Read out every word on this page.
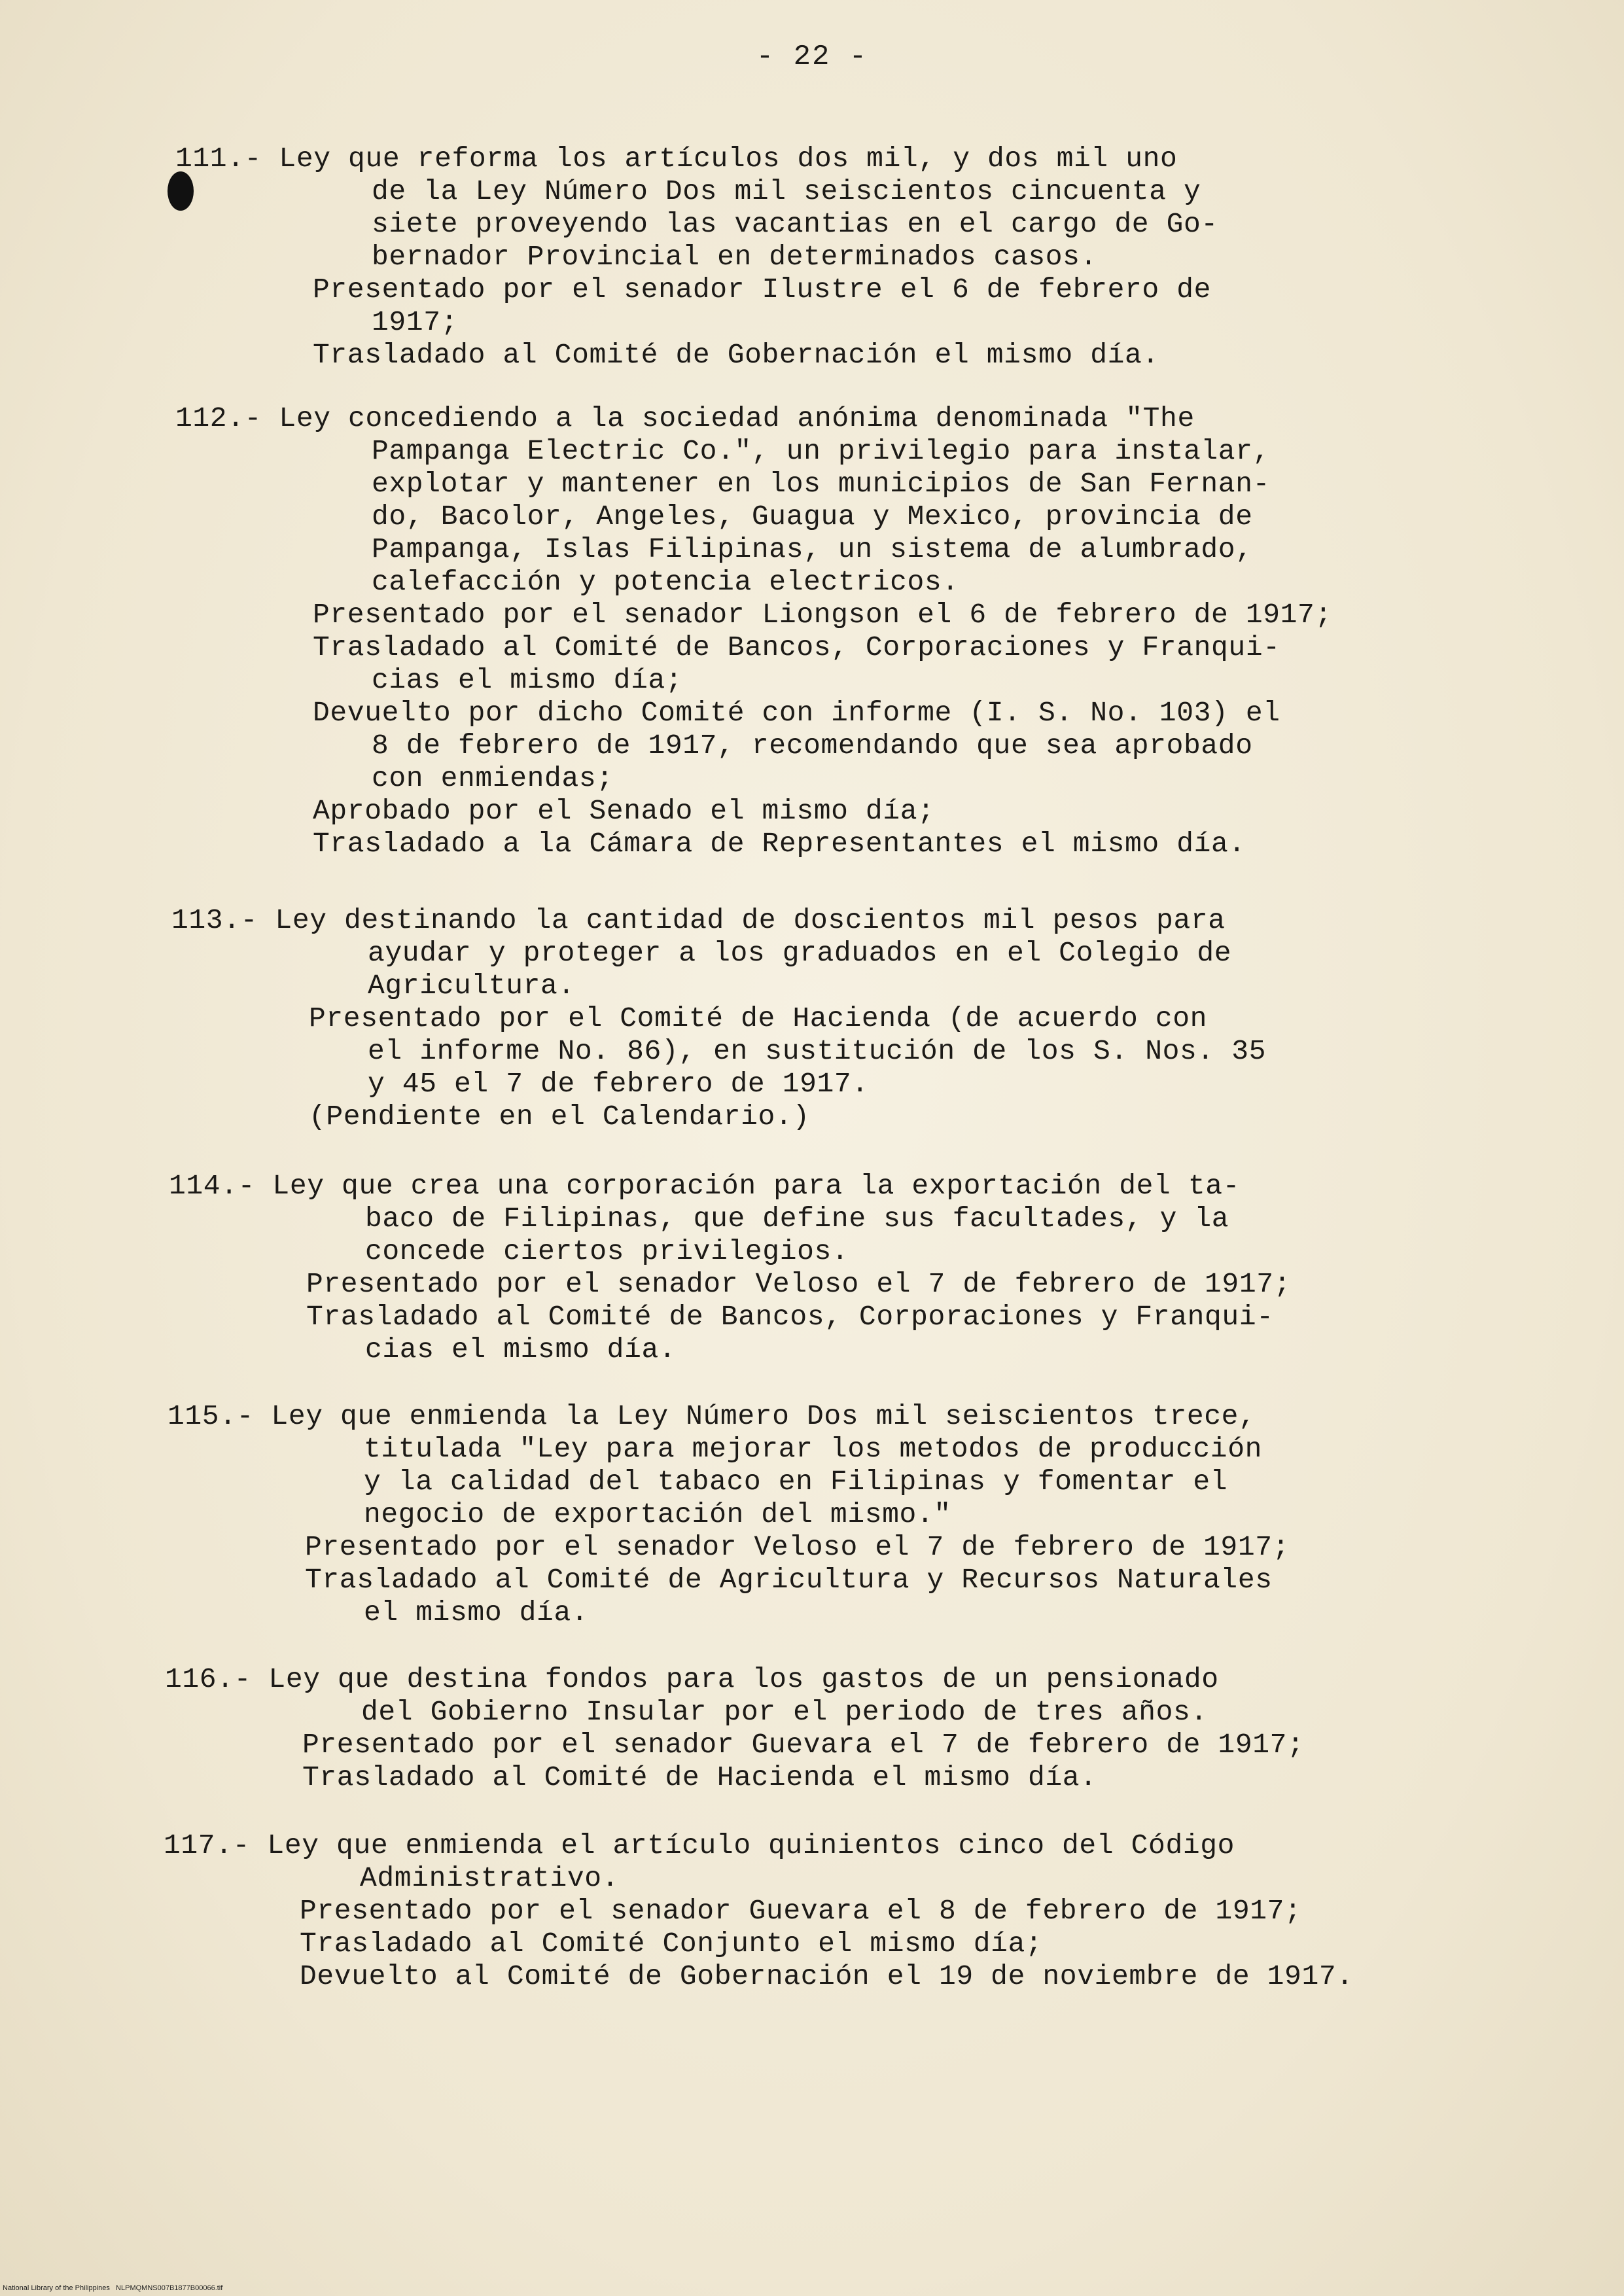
- 22 -
111.- Ley que reforma los artículos dos mil, y dos mil uno
de la Ley Número Dos mil seiscientos cincuenta y
siete proveyendo las vacantias en el cargo de Go-
bernador Provincial en determinados casos.
Presentado por el senador Ilustre el 6 de febrero de
1917;
Trasladado al Comité de Gobernación el mismo día.
112.- Ley concediendo a la sociedad anónima denominada "The
Pampanga Electric Co.", un privilegio para instalar,
explotar y mantener en los municipios de San Fernan-
do, Bacolor, Angeles, Guagua y Mexico, provincia de
Pampanga, Islas Filipinas, un sistema de alumbrado,
calefacción y potencia electricos.
Presentado por el senador Liongson el 6 de febrero de 1917;
Trasladado al Comité de Bancos, Corporaciones y Franqui-
cias el mismo día;
Devuelto por dicho Comité con informe (I. S. No. 103) el
8 de febrero de 1917, recomendando que sea aprobado
con enmiendas;
Aprobado por el Senado el mismo día;
Trasladado a la Cámara de Representantes el mismo día.
113.- Ley destinando la cantidad de doscientos mil pesos para
ayudar y proteger a los graduados en el Colegio de
Agricultura.
Presentado por el Comité de Hacienda (de acuerdo con
el informe No. 86), en sustitución de los S. Nos. 35
y 45 el 7 de febrero de 1917.
(Pendiente en el Calendario.)
114.- Ley que crea una corporación para la exportación del ta-
baco de Filipinas, que define sus facultades, y la
concede ciertos privilegios.
Presentado por el senador Veloso el 7 de febrero de 1917;
Trasladado al Comité de Bancos, Corporaciones y Franqui-
cias el mismo día.
115.- Ley que enmienda la Ley Número Dos mil seiscientos trece,
titulada "Ley para mejorar los metodos de producción
y la calidad del tabaco en Filipinas y fomentar el
negocio de exportación del mismo."
Presentado por el senador Veloso el 7 de febrero de 1917;
Trasladado al Comité de Agricultura y Recursos Naturales
el mismo día.
116.- Ley que destina fondos para los gastos de un pensionado
del Gobierno Insular por el periodo de tres años.
Presentado por el senador Guevara el 7 de febrero de 1917;
Trasladado al Comité de Hacienda el mismo día.
117.- Ley que enmienda el artículo quinientos cinco del Código
Administrativo.
Presentado por el senador Guevara el 8 de febrero de 1917;
Trasladado al Comité Conjunto el mismo día;
Devuelto al Comité de Gobernación el 19 de noviembre de 1917.
National Library of the Philippines NLPMQMNS007B1877B00066.tif
